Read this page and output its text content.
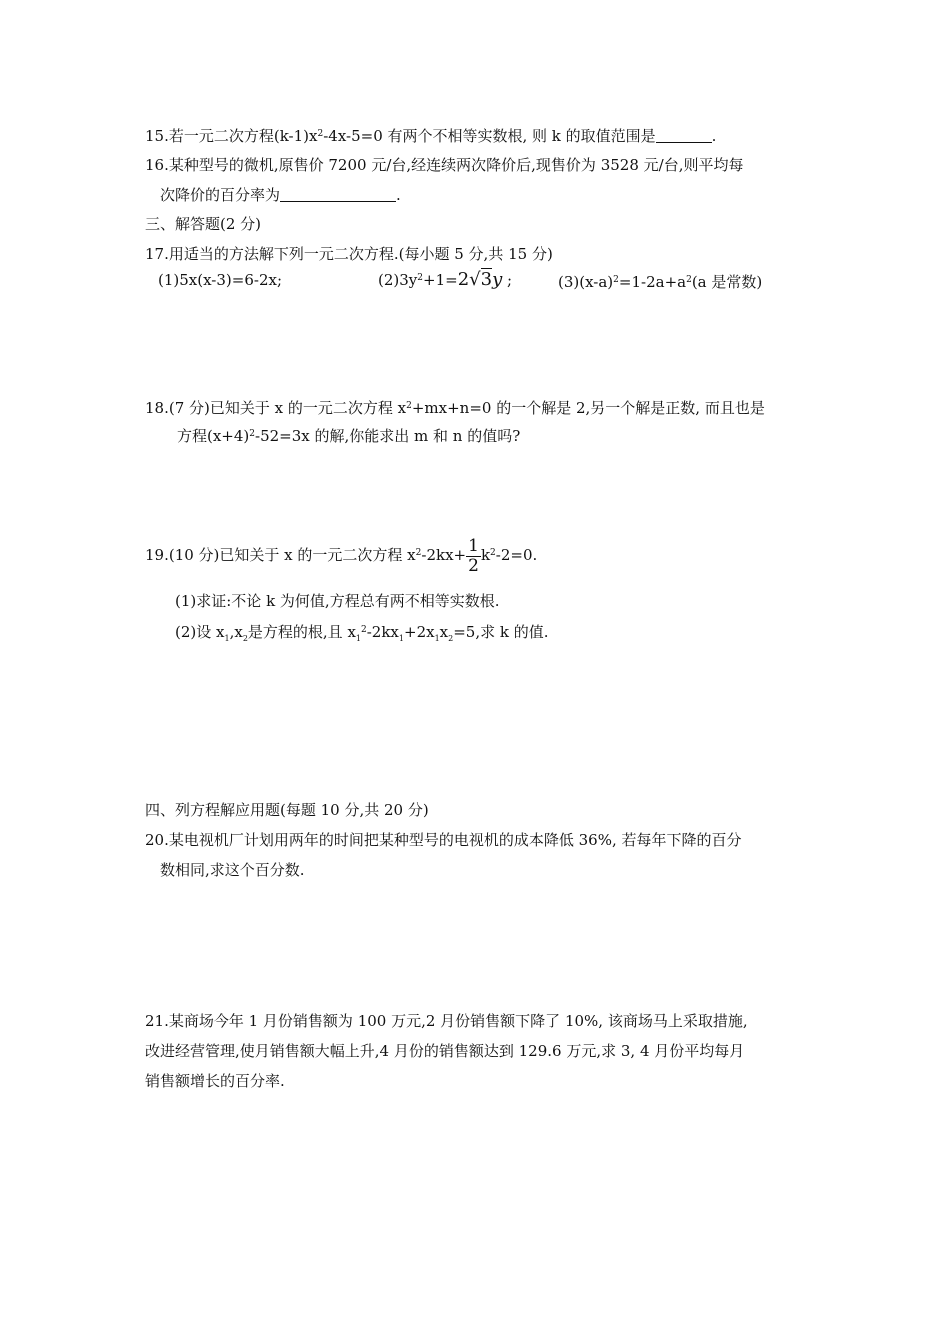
15.若一元二次方程$(k-1)x^2-4x-5=0$ 有两个不相等实数根, 则 k 的取值范围是	.
16.某种型号的微机,原售价 7200 元/台,经连续两次降价后,现售价为 3528 元/台,则平均每
次降价的百分率为	.
三、解答题(2 分)
17.用适当的方法解下列一元二次方程.(每小题 5 分,共 15 分)
(1)5x(x-3)=6-2x;	$(2)3y^2+1=2√3y$ ;	$(3)(x-a)^2=1-2a+a^2(a$ 是常数)
18.(7 分)已知关于 x 的一元二次方程 $x^2+mx+n=0$ 的一个解是 2,另一个解是正数, 而且也是
方程$(x+4)^2-52=3x$ 的解,你能求出 m 和 n 的值吗?
19.(10 分)已知关于 x 的一元二次方程 $x^2-2kx+ \frac{1}{2} k^2-2=0$.
(1)求证:不论 k 为何值,方程总有两不相等实数根.
(2)设 $x_1,x_2$是方程的根,且 $x_1^2-2kx_1+2x_1x_2=5$,求 k 的值.
四、列方程解应用题(每题 10 分,共 20 分)
20.某电视机厂计划用两年的时间把某种型号的电视机的成本降低 36%, 若每年下降的百分
数相同,求这个百分数.
21.某商场今年 1 月份销售额为 100 万元,2 月份销售额下降了 10%, 该商场马上采取措施,
改进经营管理,使月销售额大幅上升,4 月份的销售额达到 129.6 万元,求 3, 4 月份平均每月
销售额增长的百分率.
